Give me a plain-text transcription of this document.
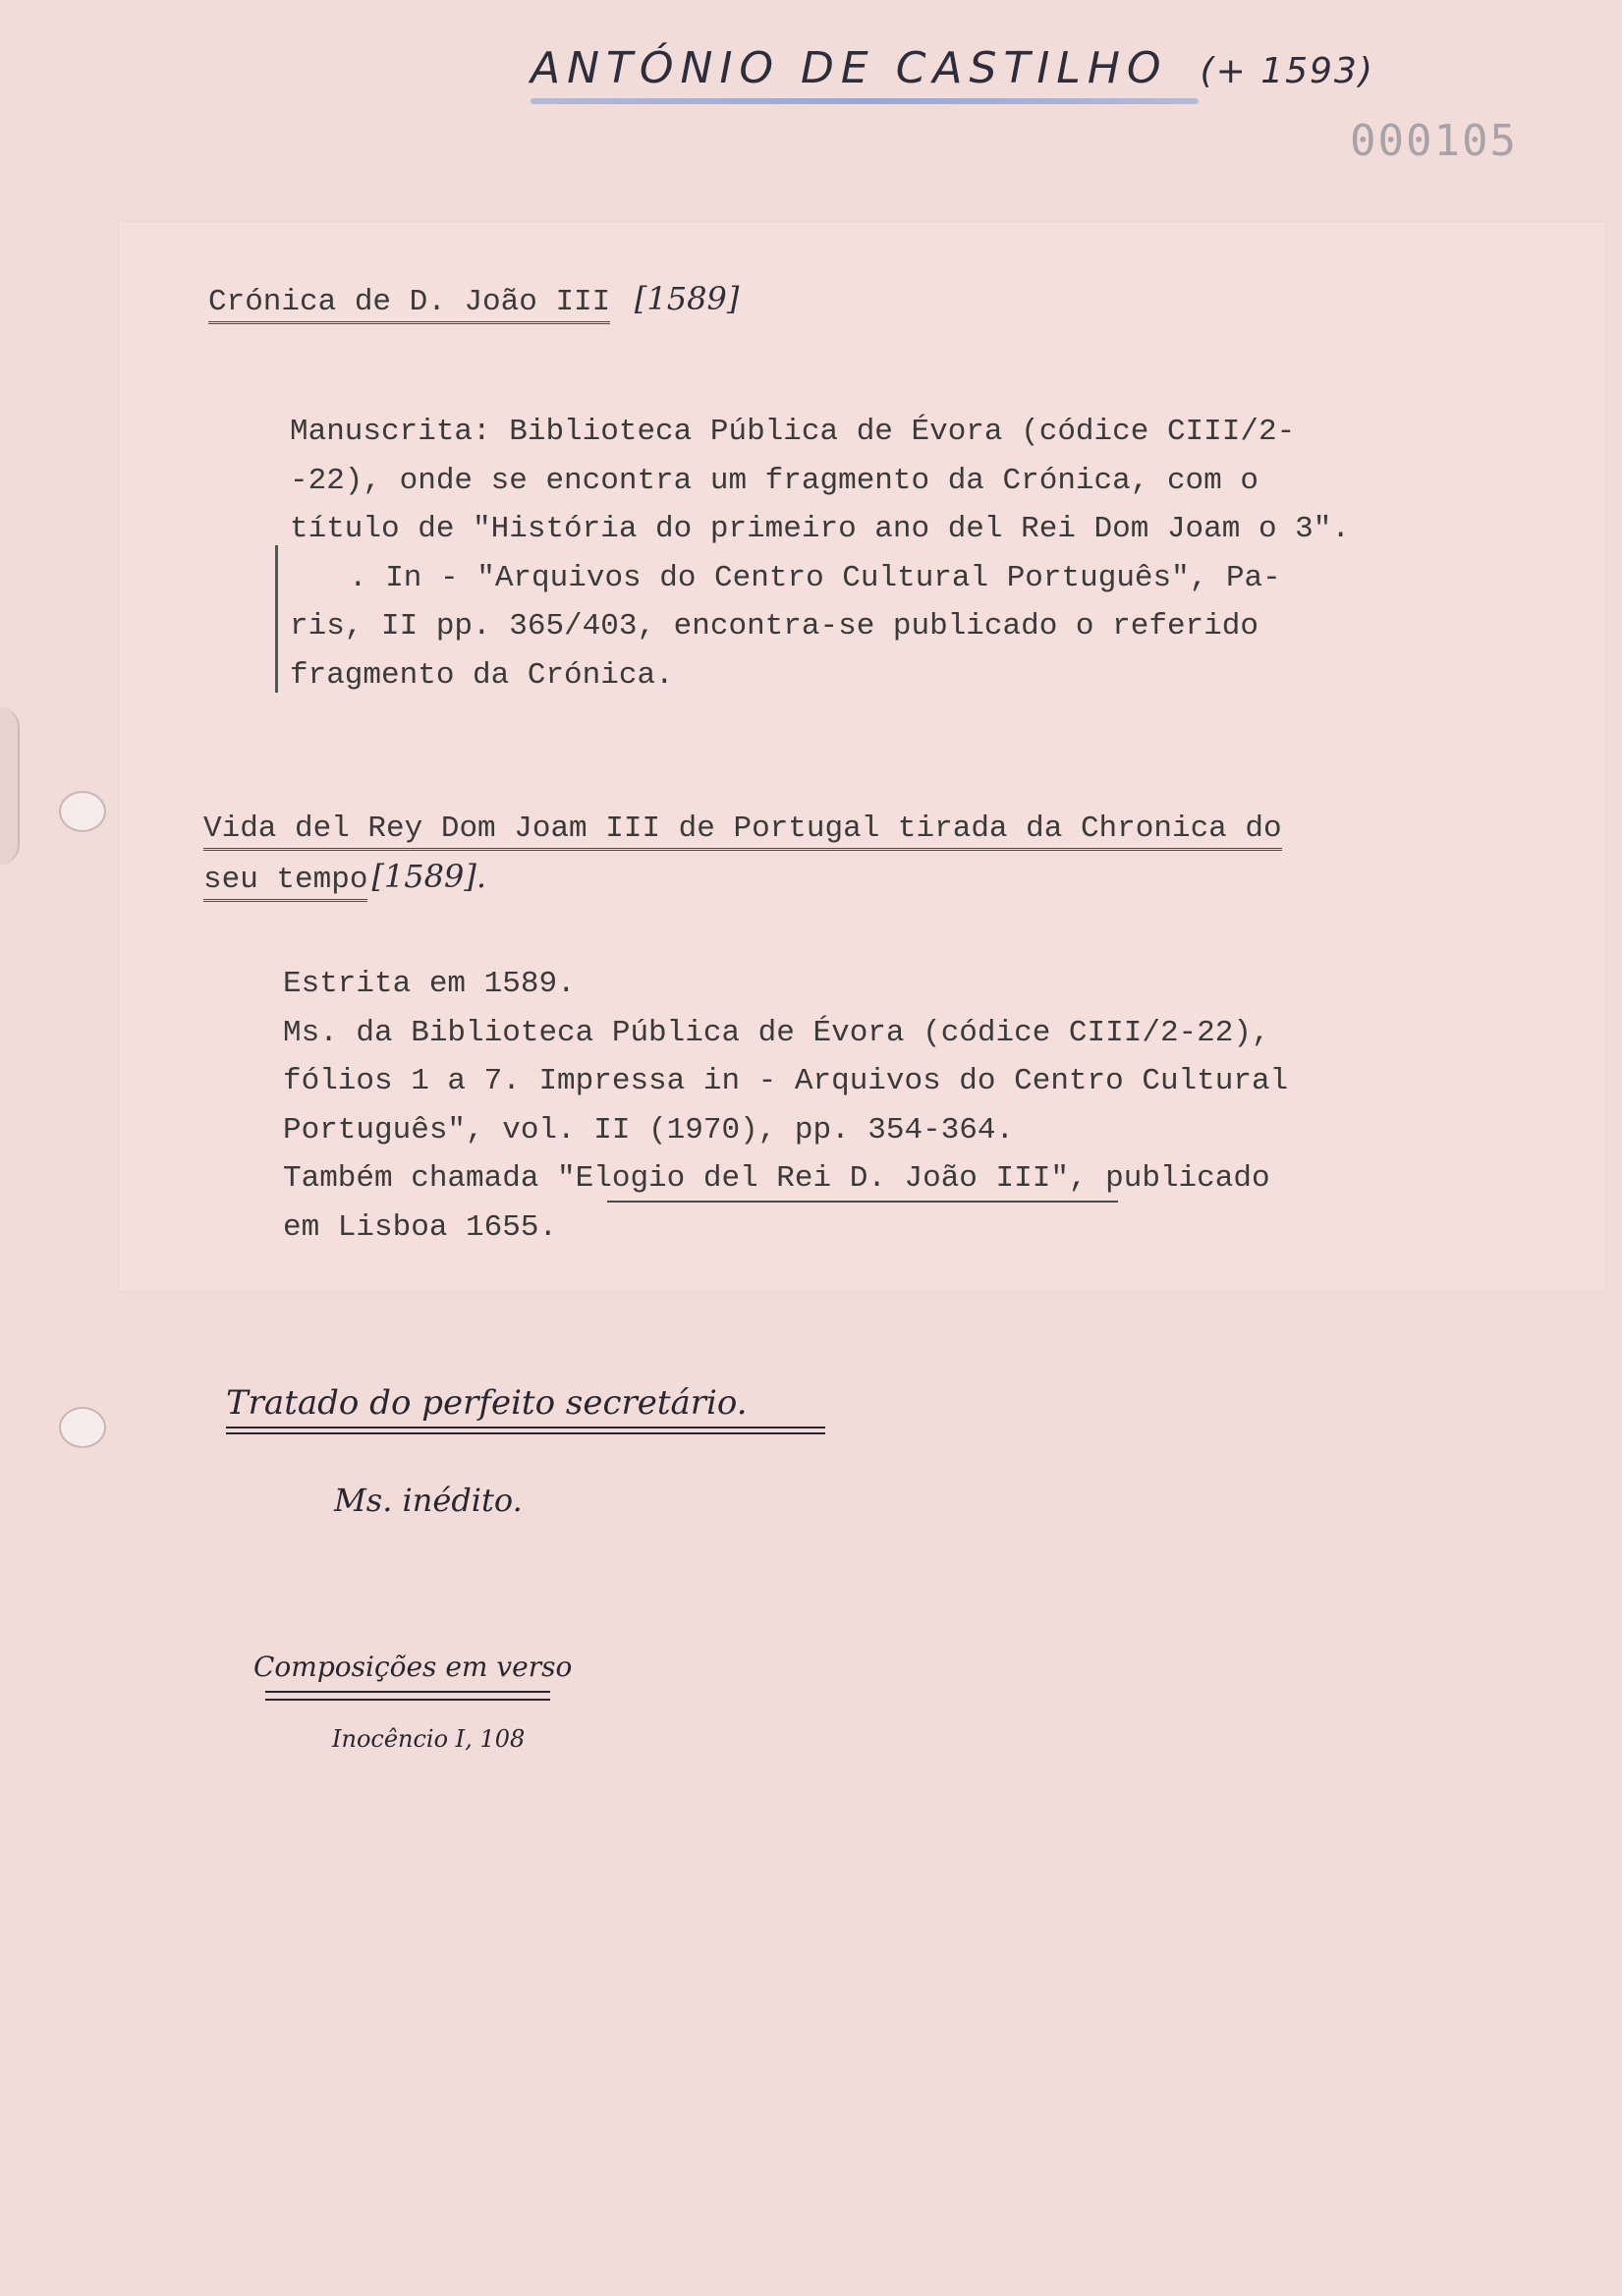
ANTÓNIO DE CASTILHO (+ 1593)
000105
Crónica de D. João III [1589]
Manuscrita: Biblioteca Pública de Évora (códice CIII/2-
-22), onde se encontra um fragmento da Crónica, com o
título de "História do primeiro ano del Rei Dom Joam o 3".
. In - "Arquivos do Centro Cultural Português", Pa-
ris, II pp. 365/403, encontra-se publicado o referido
fragmento da Crónica.
Vida del Rey Dom Joam III de Portugal tirada da Chronica do
seu tempo [1589].
Estrita em 1589.
Ms. da Biblioteca Pública de Évora (códice CIII/2-22),
fólios 1 a 7. Impressa in - Arquivos do Centro Cultural
Português", vol. II (1970), pp. 354-364.
Também chamada "Elogio del Rei D. João III", publicado
em Lisboa 1655.
Tratado do perfeito secretário.
Ms. inédito.
Composições em verso
Inocêncio I, 108
